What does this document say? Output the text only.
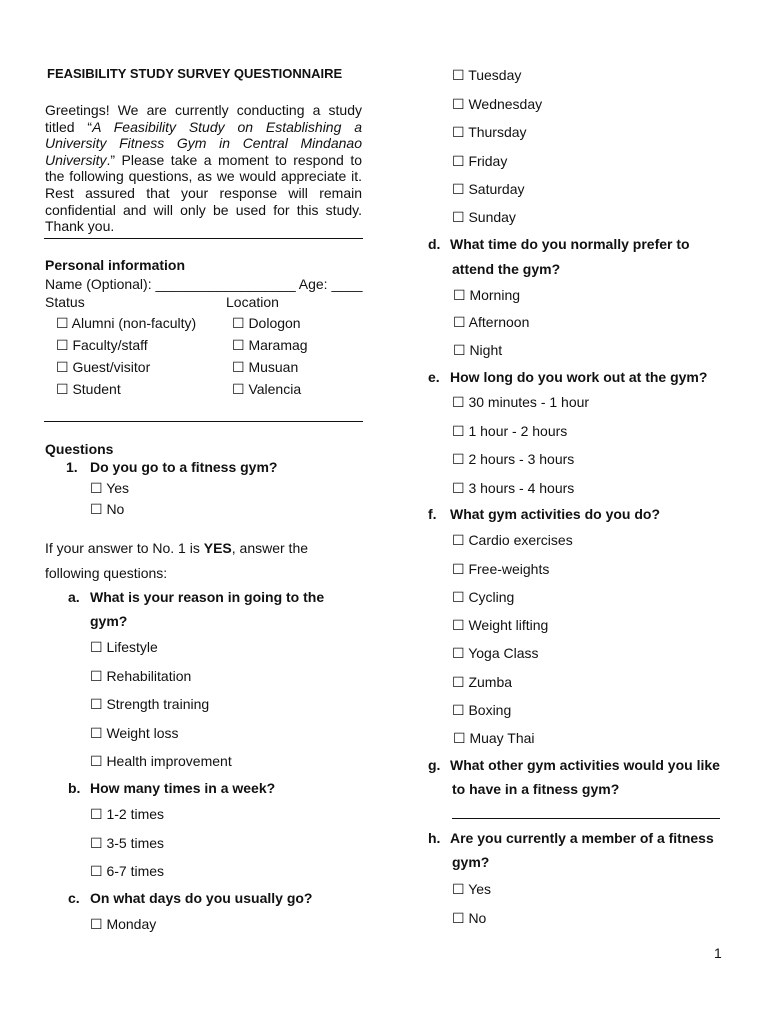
FEASIBILITY STUDY SURVEY QUESTIONNAIRE
Greetings! We are currently conducting a study titled “A Feasibility Study on Establishing a University Fitness Gym in Central Mindanao University.” Please take a moment to respond to the following questions, as we would appreciate it. Rest assured that your response will remain confidential and will only be used for this study. Thank you.
Personal information
Name (Optional): __________________ Age: ____
Status	Location
☐ Alumni (non-faculty)
☐ Faculty/staff
☐ Guest/visitor
☐ Student
☐ Dologon
☐ Maramag
☐ Musuan
☐ Valencia
Questions
1. Do you go to a fitness gym?
☐ Yes
☐ No
If your answer to No. 1 is YES, answer the
following questions:
a. What is your reason in going to the
gym?
☐ Lifestyle
☐ Rehabilitation
☐ Strength training
☐ Weight loss
☐ Health improvement
b. How many times in a week?
☐ 1-2 times
☐ 3-5 times
☐ 6-7 times
c. On what days do you usually go?
☐ Monday
☐ Tuesday
☐ Wednesday
☐ Thursday
☐ Friday
☐ Saturday
☐ Sunday
d. What time do you normally prefer to
attend the gym?
☐ Morning
☐ Afternoon
☐ Night
e. How long do you work out at the gym?
☐ 30 minutes - 1 hour
☐ 1 hour - 2 hours
☐ 2 hours - 3 hours
☐ 3 hours - 4 hours
f. What gym activities do you do?
☐ Cardio exercises
☐ Free-weights
☐ Cycling
☐ Weight lifting
☐ Yoga Class
☐ Zumba
☐ Boxing
☐ Muay Thai
g. What other gym activities would you like
to have in a fitness gym?
h. Are you currently a member of a fitness
gym?
☐ Yes
☐ No
1
